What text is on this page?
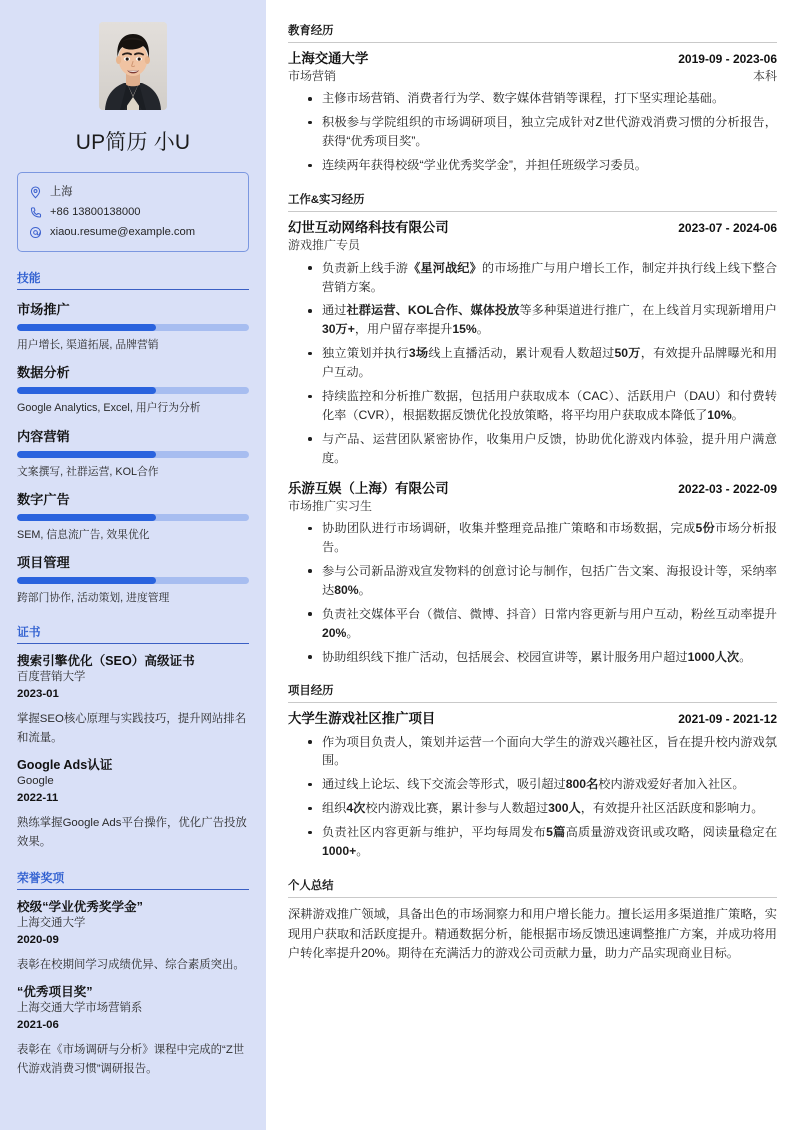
UP简历 小U
上海
+86 13800138000
xiaou.resume@example.com
技能
市场推广
用户增长, 渠道拓展, 品牌营销
数据分析
Google Analytics, Excel, 用户行为分析
内容营销
文案撰写, 社群运营, KOL合作
数字广告
SEM, 信息流广告, 效果优化
项目管理
跨部门协作, 活动策划, 进度管理
证书
搜索引擎优化（SEO）高级证书
百度营销大学
2023-01
掌握SEO核心原理与实践技巧，提升网站排名和流量。
Google Ads认证
Google
2022-11
熟练掌握Google Ads平台操作，优化广告投放效果。
荣誉奖项
校级“学业优秀奖学金”
上海交通大学
2020-09
表彰在校期间学习成绩优异、综合素质突出。
“优秀项目奖”
上海交通大学市场营销系
2021-06
表彰在《市场调研与分析》课程中完成的“Z世代游戏消费习惯”调研报告。
教育经历
上海交通大学	2019-09 - 2023-06
市场营销	本科
主修市场营销、消费者行为学、数字媒体营销等课程，打下坚实理论基础。
积极参与学院组织的市场调研项目，独立完成针对Z世代游戏消费习惯的分析报告，获得“优秀项目奖”。
连续两年获得校级“学业优秀奖学金”，并担任班级学习委员。
工作&实习经历
幻世互动网络科技有限公司	2023-07 - 2024-06
游戏推广专员
负责新上线手游《星河战纪》的市场推广与用户增长工作，制定并执行线上线下整合营销方案。
通过社群运营、KOL合作、媒体投放等多种渠道进行推广，在上线首月实现新增用户30万+，用户留存率提升15%。
独立策划并执行3场线上直播活动，累计观看人数超过50万，有效提升品牌曝光和用户互动。
持续监控和分析推广数据，包括用户获取成本（CAC）、活跃用户（DAU）和付费转化率（CVR），根据数据反馈优化投放策略，将平均用户获取成本降低了10%。
与产品、运营团队紧密协作，收集用户反馈，协助优化游戏内体验，提升用户满意度。
乐游互娱（上海）有限公司	2022-03 - 2022-09
市场推广实习生
协助团队进行市场调研，收集并整理竞品推广策略和市场数据，完成5份市场分析报告。
参与公司新品游戏宣发物料的创意讨论与制作，包括广告文案、海报设计等，采纳率达80%。
负责社交媒体平台（微信、微博、抖音）日常内容更新与用户互动，粉丝互动率提升20%。
协助组织线下推广活动，包括展会、校园宣讲等，累计服务用户超过1000人次。
项目经历
大学生游戏社区推广项目	2021-09 - 2021-12
作为项目负责人，策划并运营一个面向大学生的游戏兴趣社区，旨在提升校内游戏氛围。
通过线上论坛、线下交流会等形式，吸引超过800名校内游戏爱好者加入社区。
组织4次校内游戏比赛，累计参与人数超过300人，有效提升社区活跃度和影响力。
负责社区内容更新与维护，平均每周发布5篇高质量游戏资讯或攻略，阅读量稳定在1000+。
个人总结
深耕游戏推广领域，具备出色的市场洞察力和用户增长能力。擅长运用多渠道推广策略，实现用户获取和活跃度提升。精通数据分析，能根据市场反馈迅速调整推广方案，并成功将用户转化率提升20%。期待在充满活力的游戏公司贡献力量，助力产品实现商业目标。
